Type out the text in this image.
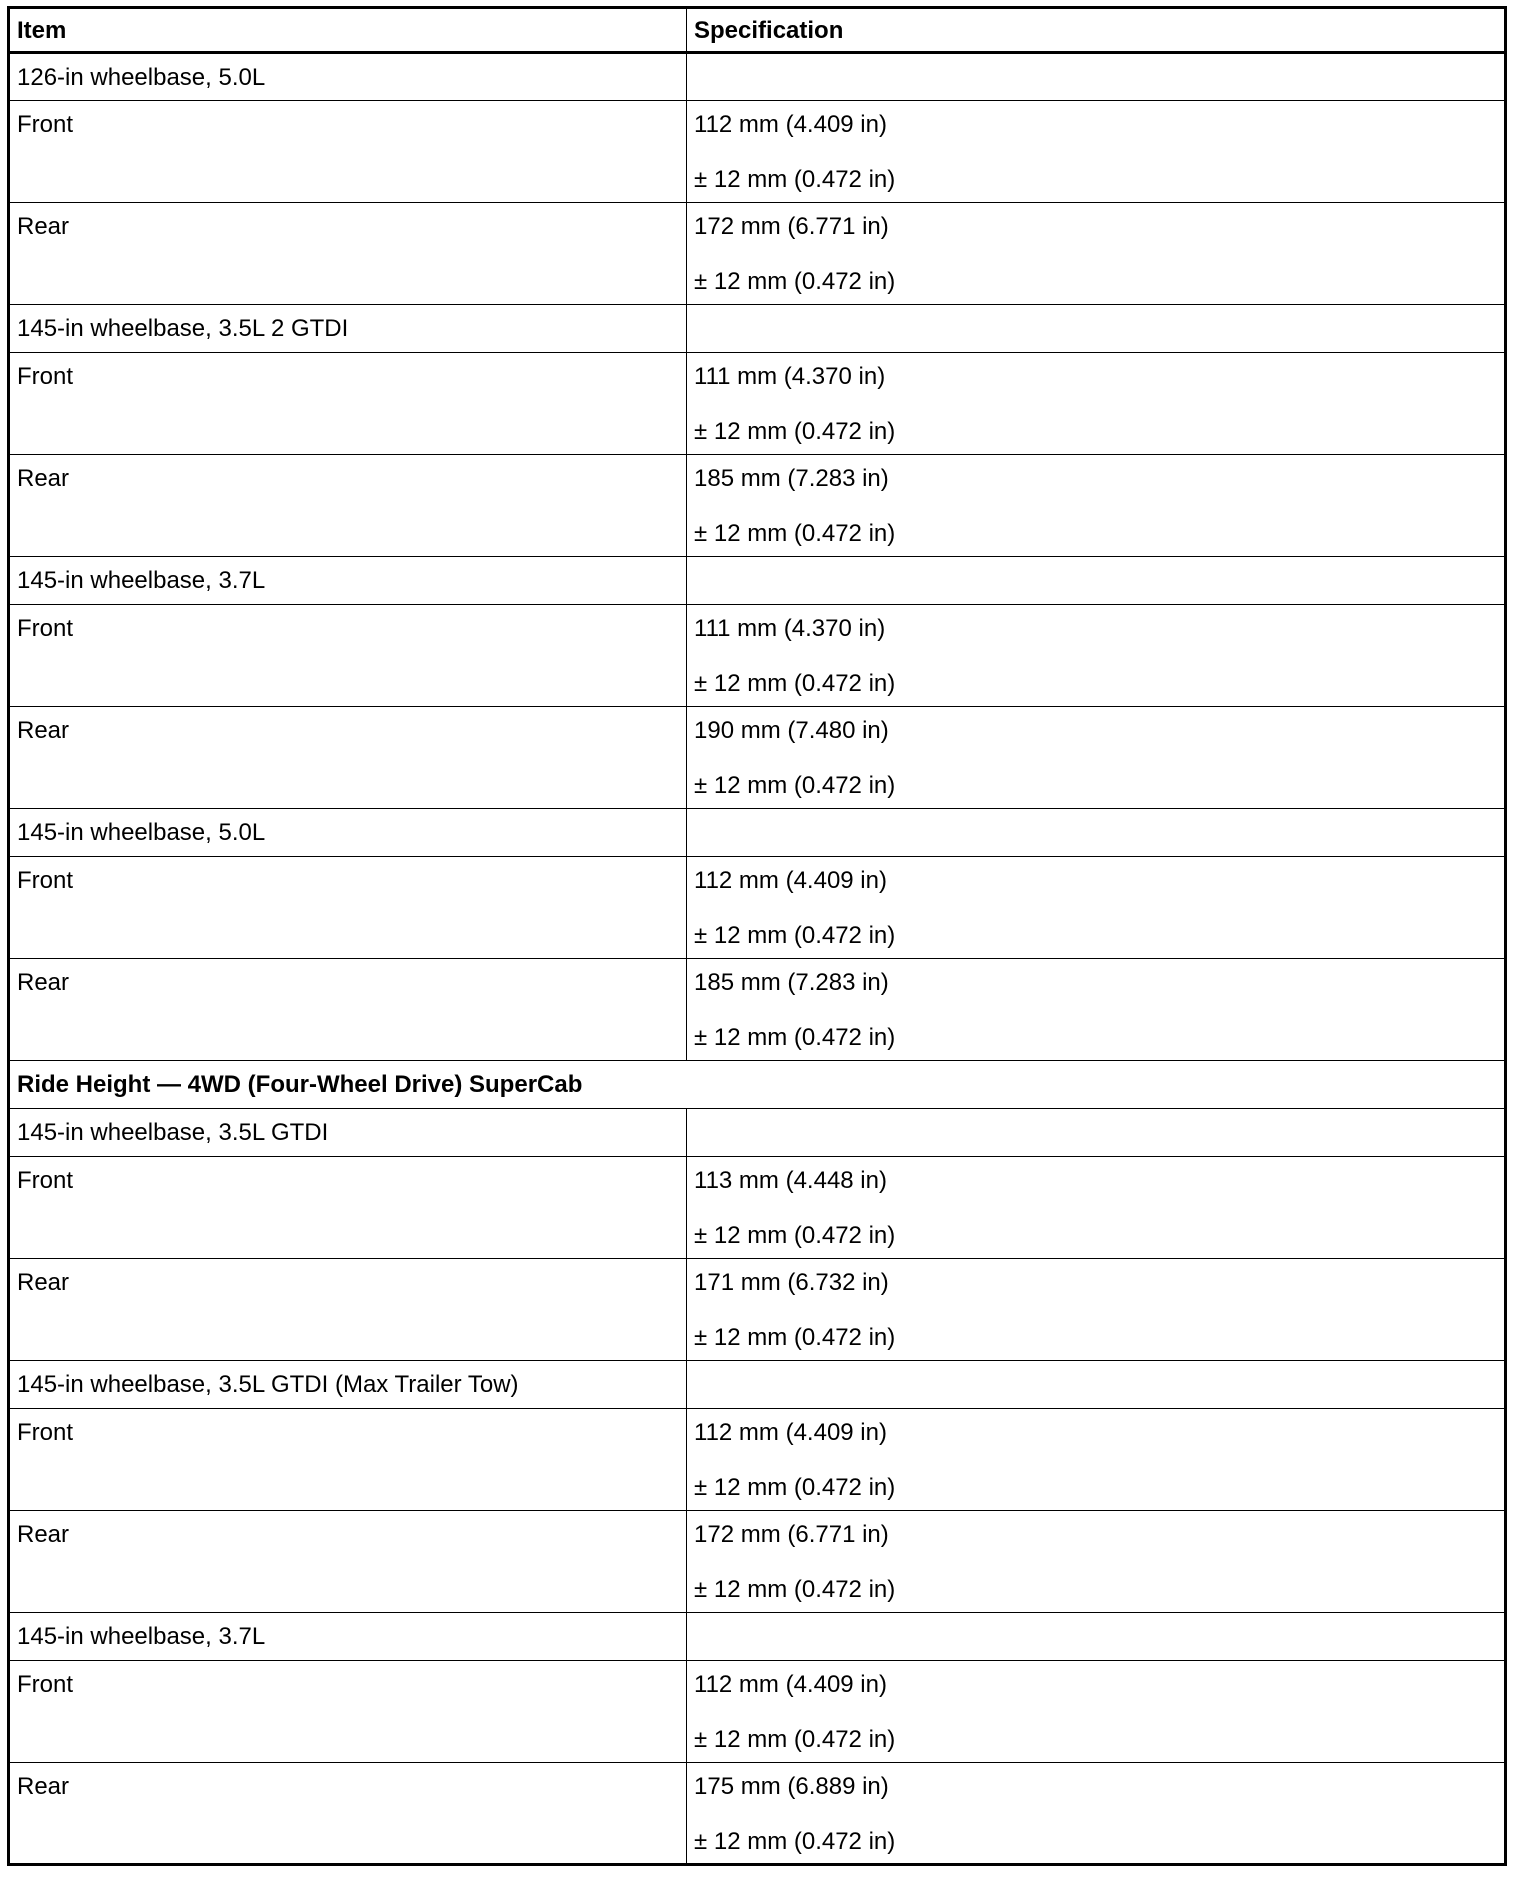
Item	Specification
126-in wheelbase, 5.0L	
Front	112 mm (4.409 in)
± 12 mm (0.472 in)

Rear	172 mm (6.771 in)
± 12 mm (0.472 in)

145-in wheelbase, 3.5L 2 GTDI	
Front	111 mm (4.370 in)
± 12 mm (0.472 in)

Rear	185 mm (7.283 in)
± 12 mm (0.472 in)

145-in wheelbase, 3.7L	
Front	111 mm (4.370 in)
± 12 mm (0.472 in)

Rear	190 mm (7.480 in)
± 12 mm (0.472 in)

145-in wheelbase, 5.0L	
Front	112 mm (4.409 in)
± 12 mm (0.472 in)

Rear	185 mm (7.283 in)
± 12 mm (0.472 in)

Ride Height — 4WD (Four-Wheel Drive) SuperCab	
145-in wheelbase, 3.5L GTDI	
Front	113 mm (4.448 in)
± 12 mm (0.472 in)

Rear	171 mm (6.732 in)
± 12 mm (0.472 in)

145-in wheelbase, 3.5L GTDI (Max Trailer Tow)	
Front	112 mm (4.409 in)
± 12 mm (0.472 in)

Rear	172 mm (6.771 in)
± 12 mm (0.472 in)

145-in wheelbase, 3.7L	
Front	112 mm (4.409 in)
± 12 mm (0.472 in)

Rear	175 mm (6.889 in)
± 12 mm (0.472 in)
